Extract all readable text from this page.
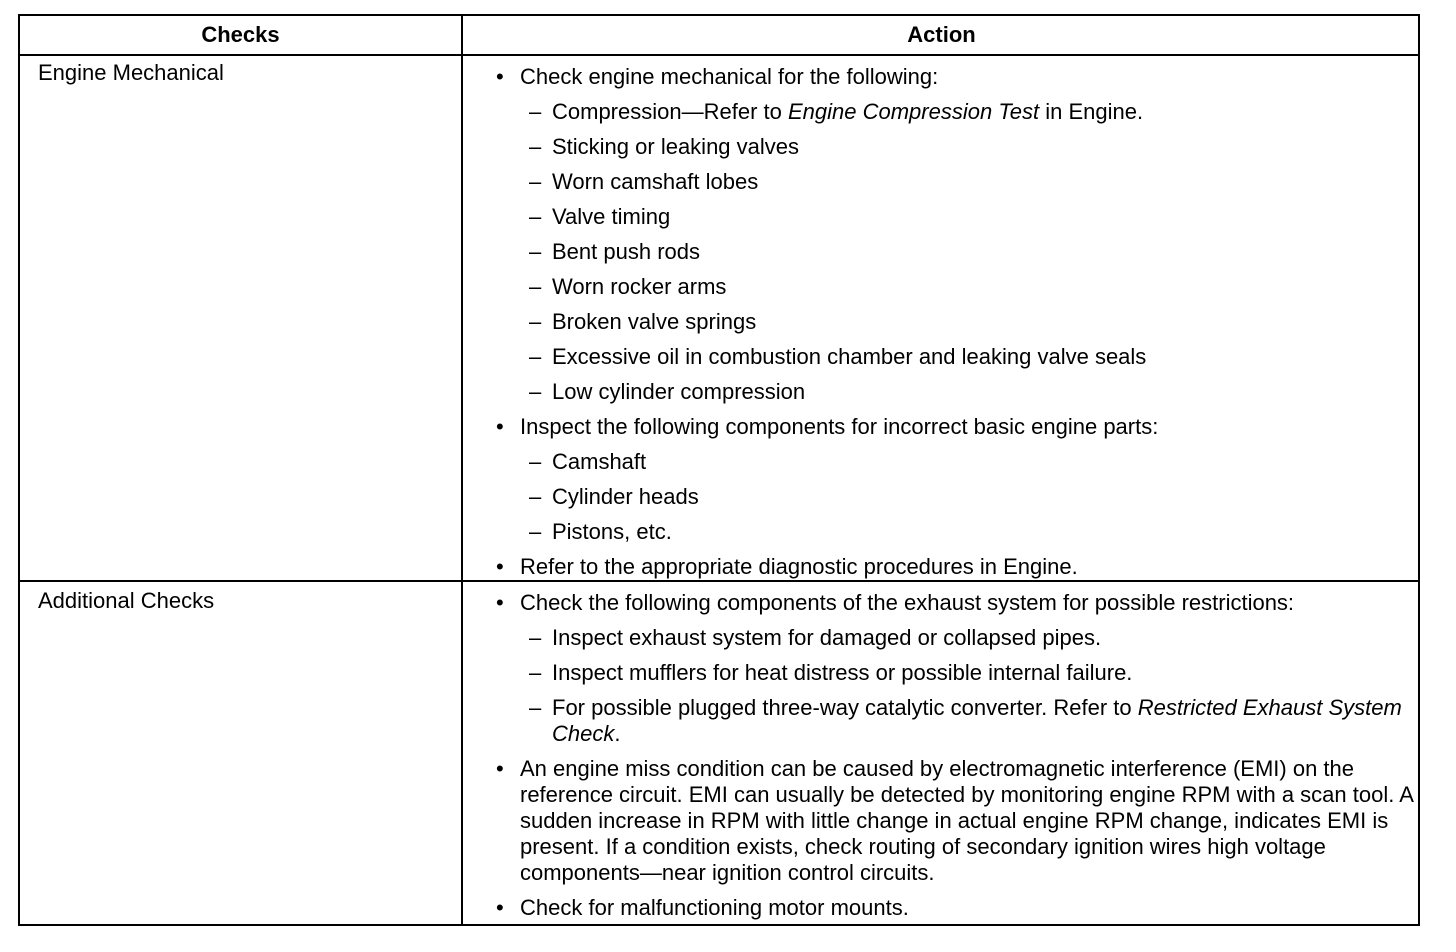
Checks	Action
Engine Mechanical	• Check engine mechanical for the following:
– Compression—Refer to Engine Compression Test in Engine.
– Sticking or leaking valves
– Worn camshaft lobes
– Valve timing
– Bent push rods
– Worn rocker arms
– Broken valve springs
– Excessive oil in combustion chamber and leaking valve seals
– Low cylinder compression
• Inspect the following components for incorrect basic engine parts:
– Camshaft
– Cylinder heads
– Pistons, etc.
• Refer to the appropriate diagnostic procedures in Engine.
Additional Checks	• Check the following components of the exhaust system for possible restrictions:
– Inspect exhaust system for damaged or collapsed pipes.
– Inspect mufflers for heat distress or possible internal failure.
– For possible plugged three-way catalytic converter. Refer to Restricted Exhaust System Check.
• An engine miss condition can be caused by electromagnetic interference (EMI) on the reference circuit. EMI can usually be detected by monitoring engine RPM with a scan tool. A sudden increase in RPM with little change in actual engine RPM change, indicates EMI is present. If a condition exists, check routing of secondary ignition wires high voltage components—near ignition control circuits.
• Check for malfunctioning motor mounts.
